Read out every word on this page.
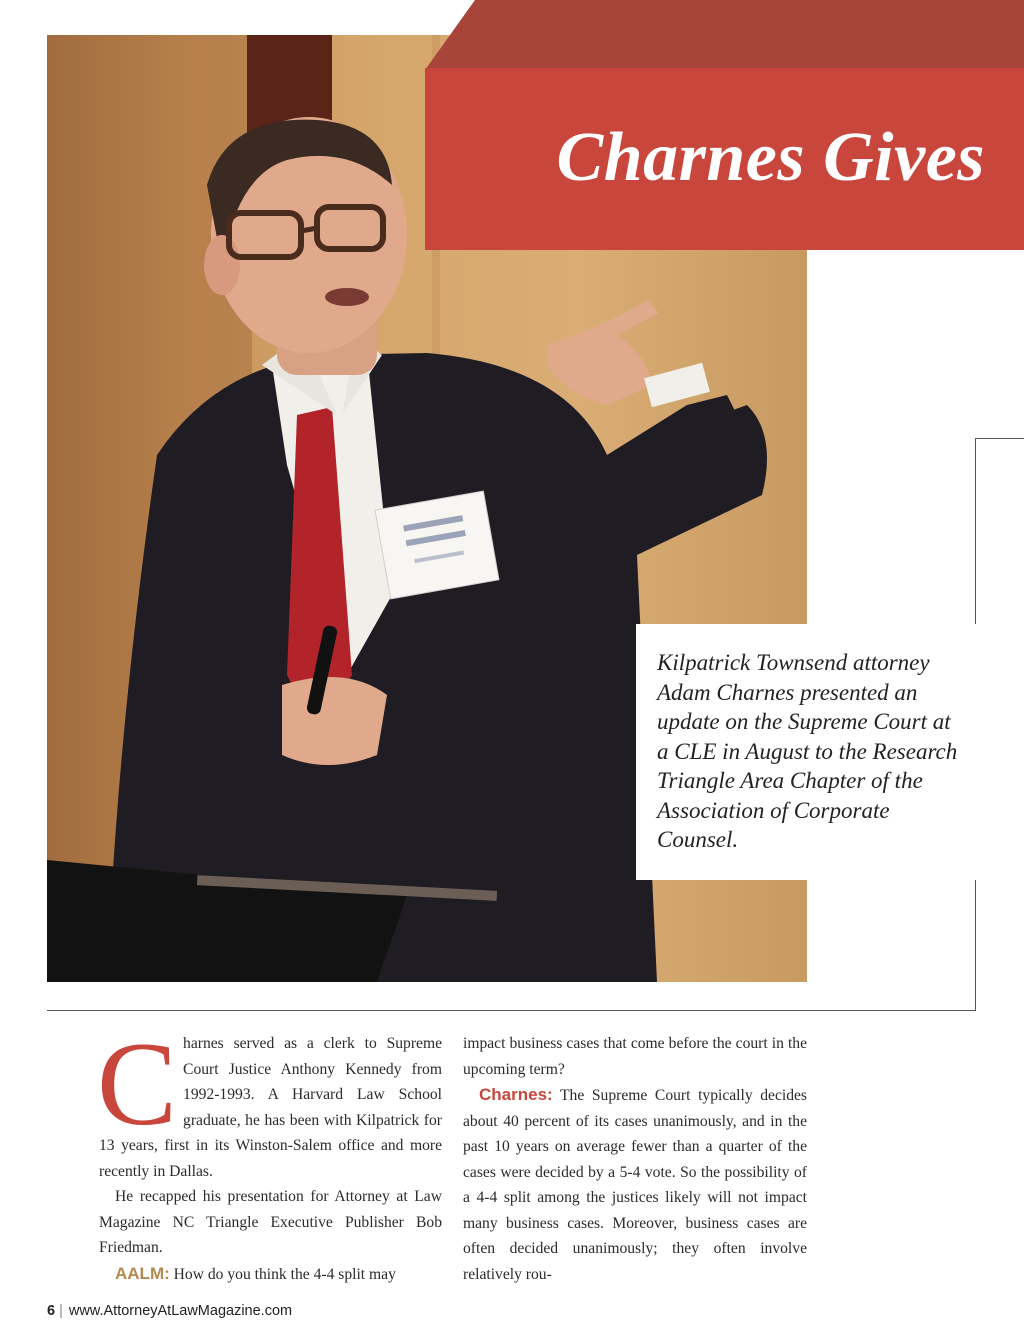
Charnes Gives
Kilpatrick Townsend attorney Adam Charnes presented an update on the Supreme Court at a CLE in August to the Research Triangle Area Chapter of the Association of Corporate Counsel.
C harnes served as a clerk to Supreme Court Justice Anthony Kennedy from 1992-1993. A Harvard Law School graduate, he has been with Kilpatrick for 13 years, first in its Winston-Salem office and more recently in Dallas.

He recapped his presentation for Attorney at Law Magazine NC Triangle Executive Publisher Bob Friedman.

AALM: How do you think the 4-4 split may

impact business cases that come before the court in the upcoming term?

Charnes: The Supreme Court typically decides about 40 percent of its cases unanimously, and in the past 10 years on average fewer than a quarter of the cases were decided by a 5-4 vote. So the possibility of a 4-4 split among the justices likely will not impact many business cases. Moreover, business cases are often decided unanimously; they often involve relatively rou-

6 | www.AttorneyAtLawMagazine.com
